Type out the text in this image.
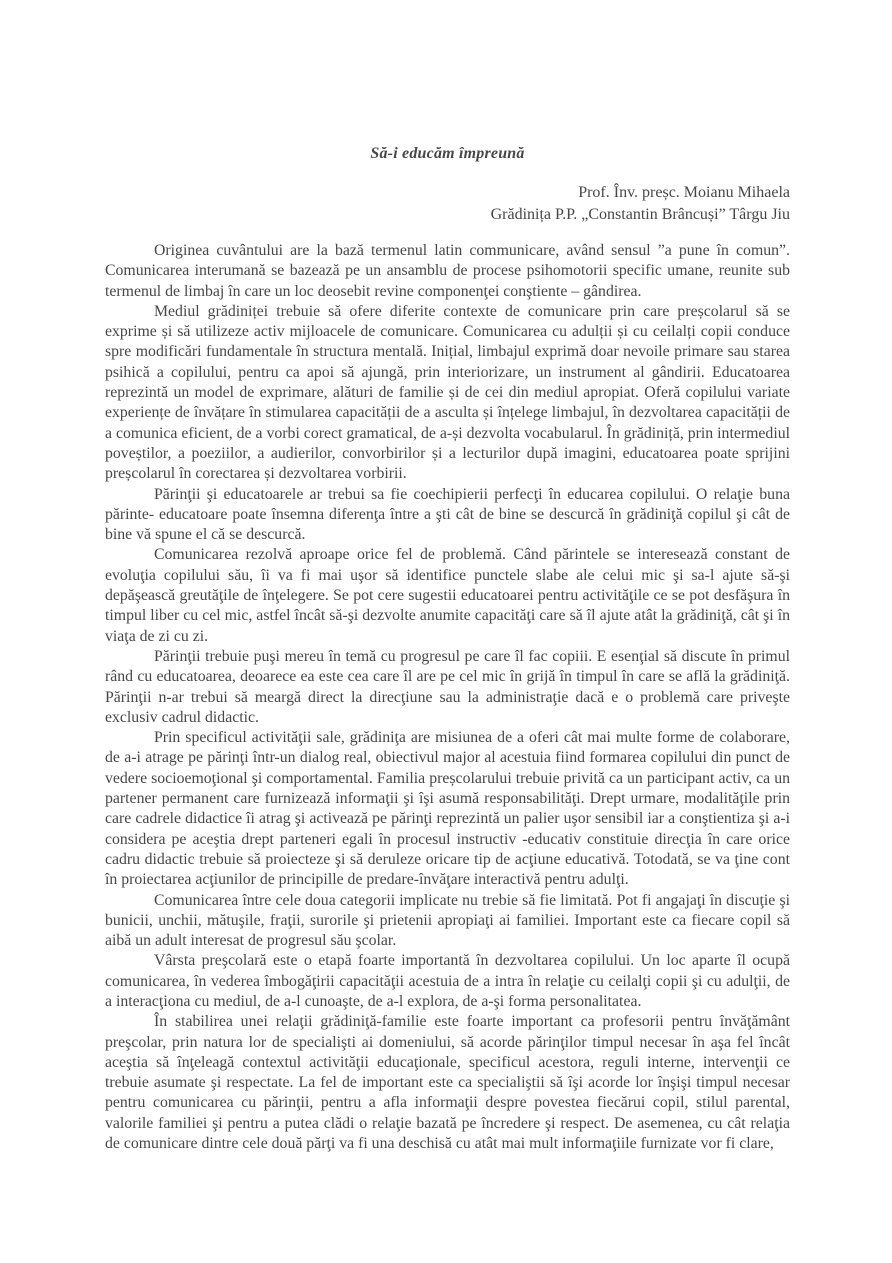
Să-i educăm împreună
Prof. Înv. preșc. Moianu Mihaela
Grădinița P.P. „Constantin Brâncuși” Târgu Jiu

Originea cuvântului are la bază termenul latin communicare, având sensul ”a pune în comun”. Comunicarea interumană se bazează pe un ansamblu de procese psihomotorii specific umane, reunite sub termenul de limbaj în care un loc deosebit revine componenţei conştiente – gândirea.

Mediul grădiniței trebuie să ofere diferite contexte de comunicare prin care preșcolarul să se exprime și să utilizeze activ mijloacele de comunicare. Comunicarea cu adulții și cu ceilalți copii conduce spre modificări fundamentale în structura mentală. Inițial, limbajul exprimă doar nevoile primare sau starea psihică a copilului, pentru ca apoi să ajungă, prin interiorizare, un instrument al gândirii. Educatoarea reprezintă un model de exprimare, alături de familie și de cei din mediul apropiat. Oferă copilului variate experiențe de învățare în stimularea capacității de a asculta și înțelege limbajul, în dezvoltarea capacității de a comunica eficient, de a vorbi corect gramatical, de a-și dezvolta vocabularul. În grădiniță, prin intermediul poveștilor, a poeziilor, a audierilor, convorbirilor și a lecturilor după imagini, educatoarea poate sprijini preșcolarul în corectarea și dezvoltarea vorbirii.

Părinţii şi educatoarele ar trebui sa fie coechipierii perfecţi în educarea copilului. O relaţie buna părinte- educatoare poate însemna diferenţa între a şti cât de bine se descurcă în grădiniţă copilul şi cât de bine vă spune el că se descurcă.

Comunicarea rezolvă aproape orice fel de problemă. Când părintele se interesează constant de evoluţia copilului său, îi va fi mai uşor să identifice punctele slabe ale celui mic şi sa-l ajute să-şi depăşească greutăţile de înţelegere. Se pot cere sugestii educatoarei pentru activităţile ce se pot desfăşura în timpul liber cu cel mic, astfel încât să-şi dezvolte anumite capacităţi care să îl ajute atât la grădiniţă, cât şi în viaţa de zi cu zi.

Părinţii trebuie puşi mereu în temă cu progresul pe care îl fac copiii. E esenţial să discute în primul rând cu educatoarea, deoarece ea este cea care îl are pe cel mic în grijă în timpul în care se află la grădiniţă. Părinţii n-ar trebui să meargă direct la direcţiune sau la administraţie dacă e o problemă care priveşte exclusiv cadrul didactic.

Prin specificul activităţii sale, grădiniţa are misiunea de a oferi cât mai multe forme de colaborare, de a-i atrage pe părinţi într-un dialog real, obiectivul major al acestuia fiind formarea copilului din punct de vedere socioemoţional şi comportamental. Familia preșcolarului trebuie privită ca un participant activ, ca un partener permanent care furnizează informaţii şi îşi asumă responsabilităţi. Drept urmare, modalităţile prin care cadrele didactice îi atrag şi activează pe părinţi reprezintă un palier uşor sensibil iar a conştientiza şi a-i considera pe aceştia drept parteneri egali în procesul instructiv -educativ constituie direcţia în care orice cadru didactic trebuie să proiecteze şi să deruleze oricare tip de acţiune educativă. Totodată, se va ţine cont în proiectarea acţiunilor de principille de predare-învăţare interactivă pentru adulţi.

Comunicarea între cele doua categorii implicate nu trebie să fie limitată. Pot fi angajaţi în discuţie şi bunicii, unchii, mătuşile, fraţii, surorile şi prietenii apropiaţi ai familiei. Important este ca fiecare copil să aibă un adult interesat de progresul său şcolar.

Vârsta preşcolară este o etapă foarte importantă în dezvoltarea copilului. Un loc aparte îl ocupă comunicarea, în vederea îmbogăţirii capacităţii acestuia de a intra în relaţie cu ceilalţi copii şi cu adulţii, de a interacţiona cu mediul, de a-l cunoaşte, de a-l explora, de a-şi forma personalitatea.

În stabilirea unei relaţii grădiniţă-familie este foarte important ca profesorii pentru învăţământ preşcolar, prin natura lor de specialişti ai domeniului, să acorde părinţilor timpul necesar în aşa fel încât aceştia să înţeleagă contextul activităţii educaţionale, specificul acestora, reguli interne, intervenţii ce trebuie asumate şi respectate. La fel de important este ca specialiştii să îşi acorde lor înşişi timpul necesar pentru comunicarea cu părinţii, pentru a afla informaţii despre povestea fiecărui copil, stilul parental, valorile familiei şi pentru a putea clădi o relaţie bazată pe încredere şi respect. De asemenea, cu cât relaţia de comunicare dintre cele două părţi va fi una deschisă cu atât mai mult informaţiile furnizate vor fi clare,
